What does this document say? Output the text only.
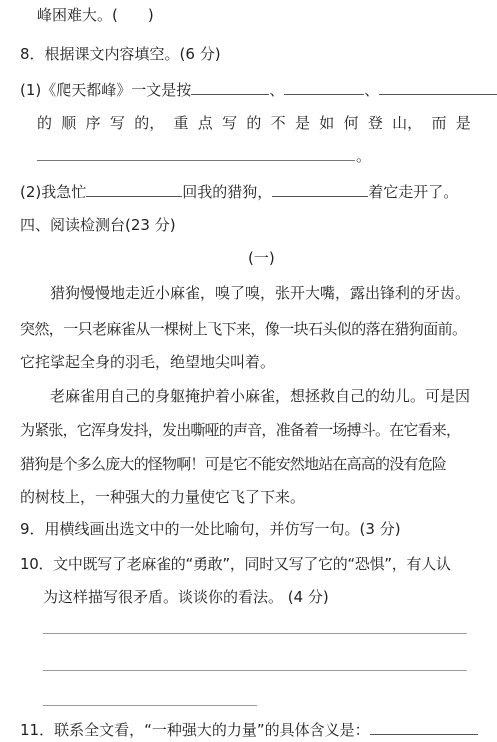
峰困难大。( )
8．根据课文内容填空。(6 分)
(1)《爬天都峰》一文是按	、	、
的 顺 序 写 的， 重 点 写 的 不 是 如 何 登 山， 而 是
。
(2)我急忙	回我的猎狗，	着它走开了。
四、阅读检测台(23 分)
(一)
猎狗慢慢地走近小麻雀，嗅了嗅，张开大嘴，露出锋利的牙齿。
突然，一只老麻雀从一棵树上飞下来，像一块石头似的落在猎狗面前。
它挓挲起全身的羽毛，绝望地尖叫着。
老麻雀用自己的身躯掩护着小麻雀，想拯救自己的幼儿。可是因
为紧张，它浑身发抖，发出嘶哑的声音，准备着一场搏斗。在它看来，
猎狗是个多么庞大的怪物啊！可是它不能安然地站在高高的没有危险
的树枝上，一种强大的力量使它飞了下来。
9．用横线画出选文中的一处比喻句，并仿写一句。(3 分)
10．文中既写了老麻雀的“勇敢”，同时又写了它的“恐惧”，有人认
为这样描写很矛盾。谈谈你的看法。 (4 分)
11．联系全文看，“一种强大的力量”的具体含义是：
